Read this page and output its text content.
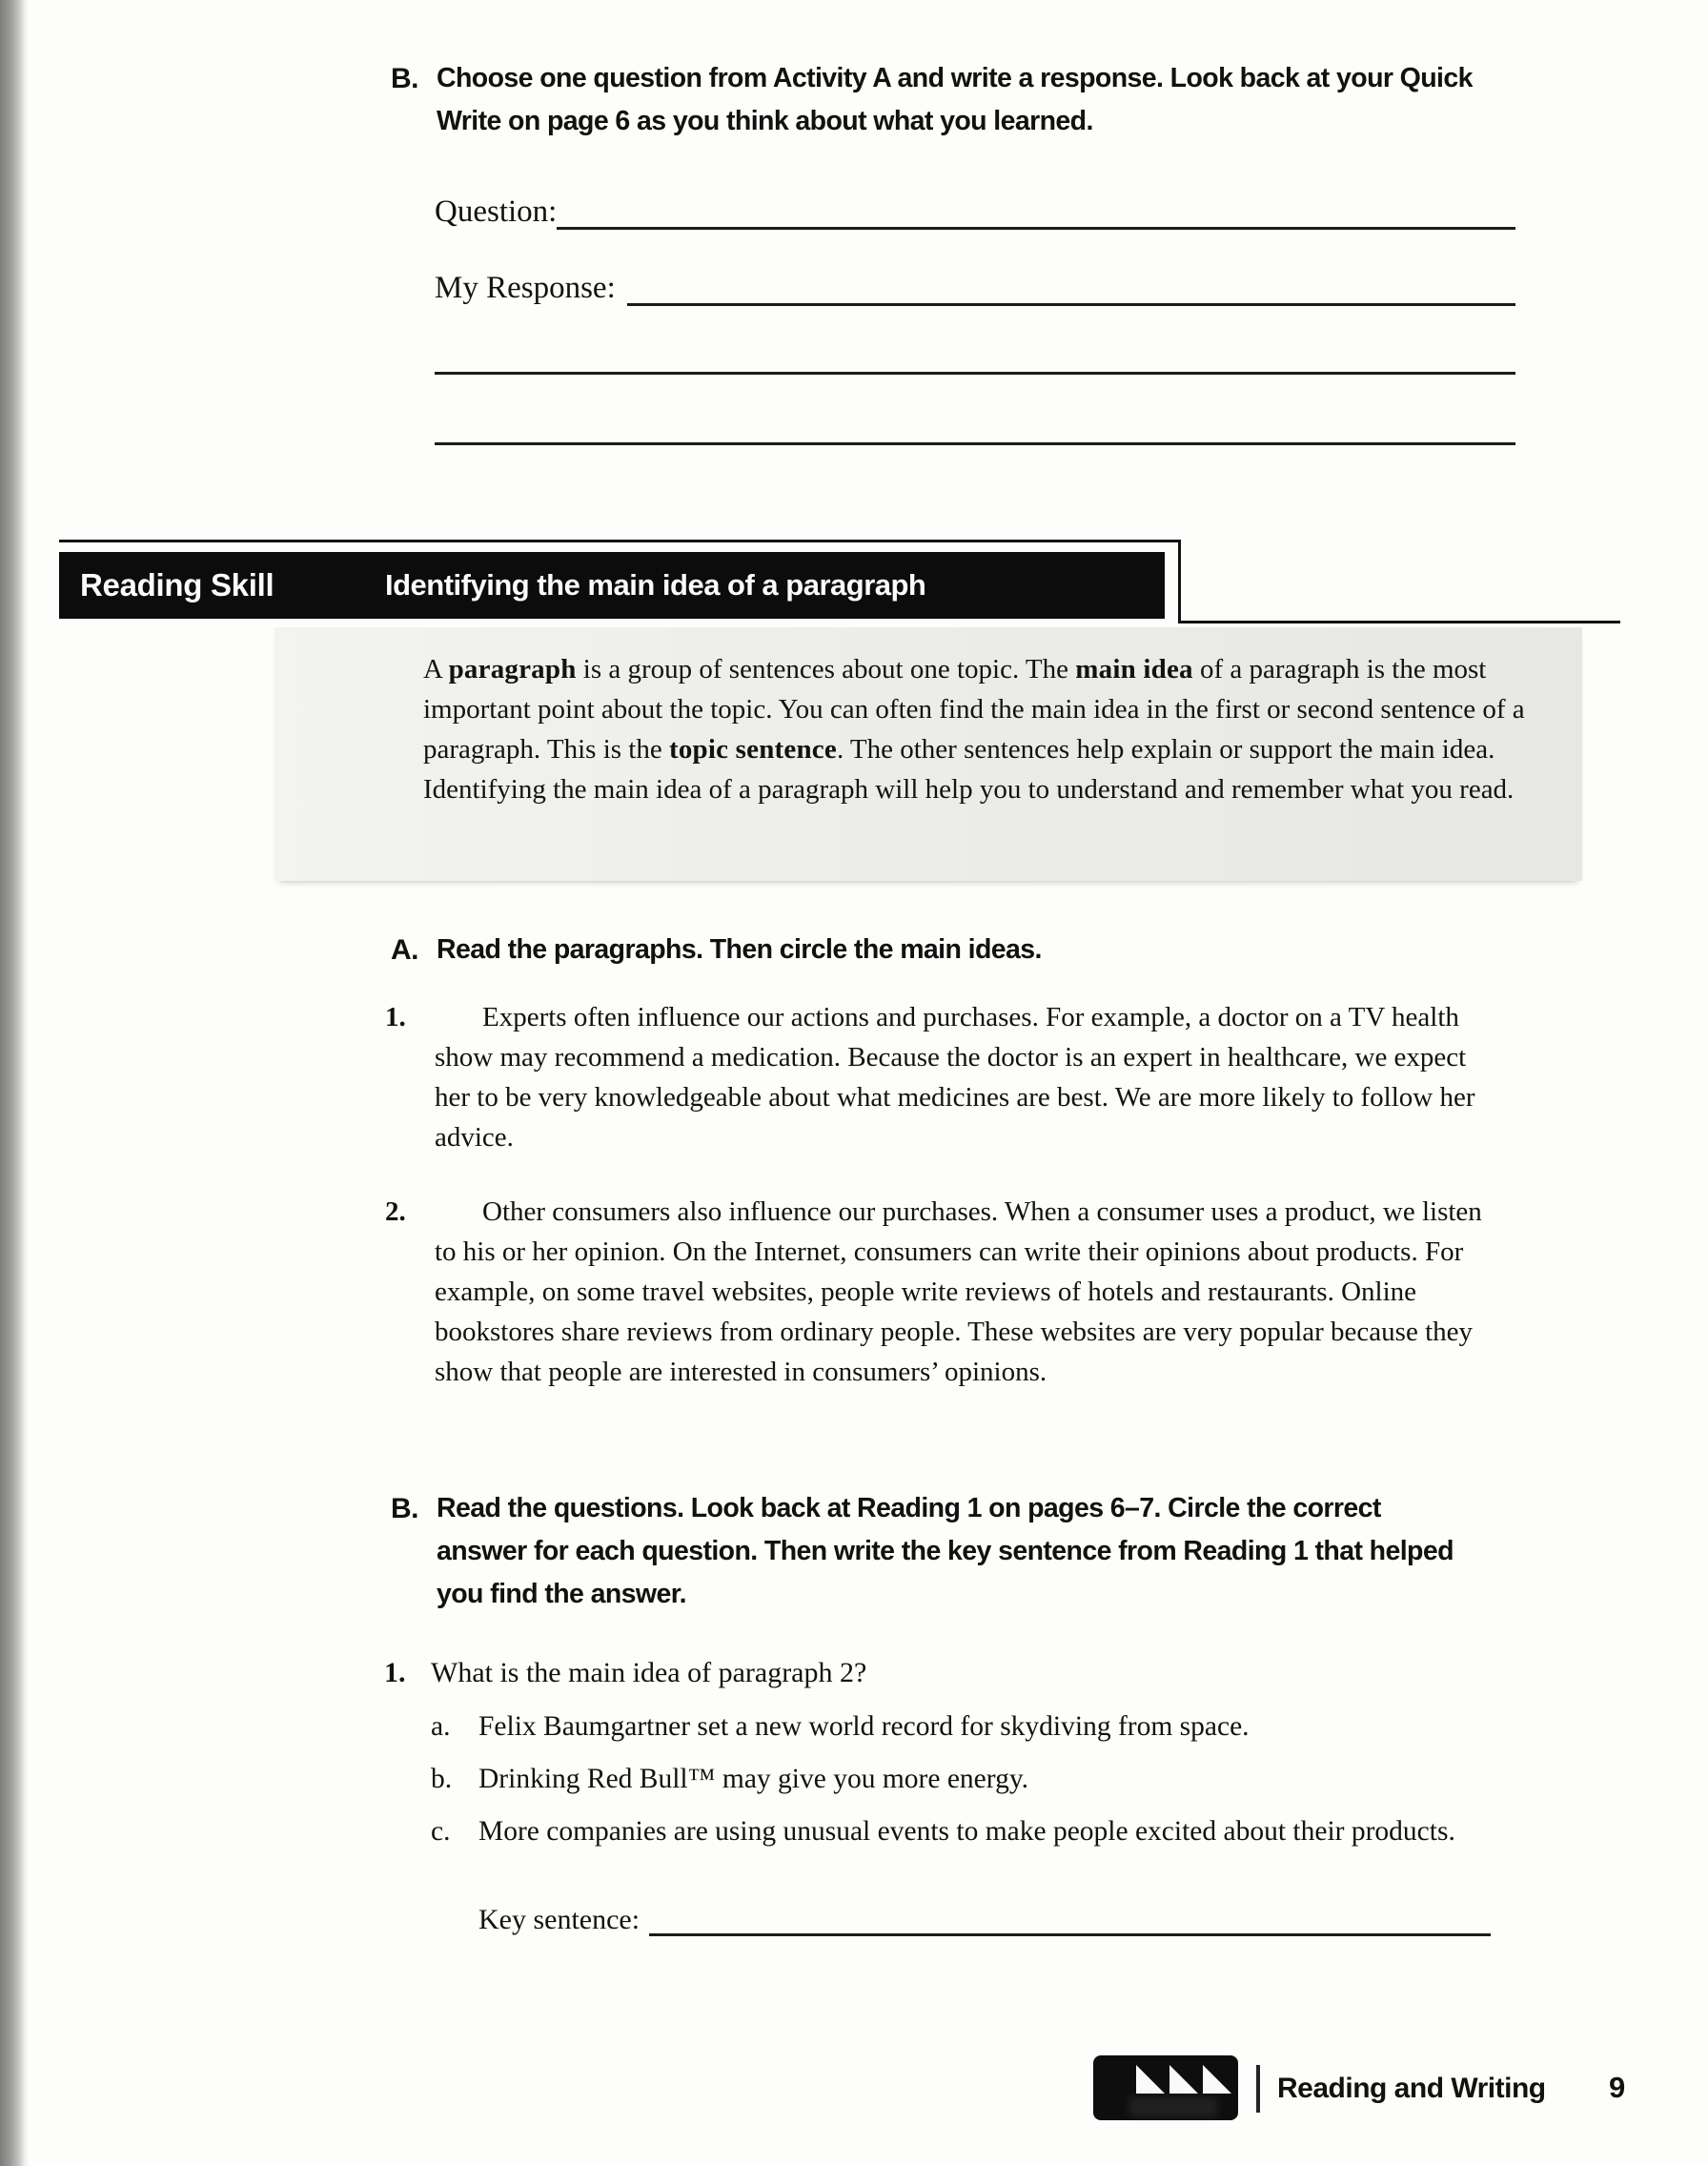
B. Choose one question from Activity A and write a response. Look back at your Quick Write on page 6 as you think about what you learned.
Question:
My Response:
Reading Skill	Identifying the main idea of a paragraph

A paragraph is a group of sentences about one topic. The main idea of a paragraph is the most important point about the topic. You can often find the main idea in the first or second sentence of a paragraph. This is the topic sentence. The other sentences help explain or support the main idea. Identifying the main idea of a paragraph will help you to understand and remember what you read.

A. Read the paragraphs. Then circle the main ideas.
1.	Experts often influence our actions and purchases. For example, a doctor on a TV health show may recommend a medication. Because the doctor is an expert in healthcare, we expect her to be very knowledgeable about what medicines are best. We are more likely to follow her advice.
2.	Other consumers also influence our purchases. When a consumer uses a product, we listen to his or her opinion. On the Internet, consumers can write their opinions about products. For example, on some travel websites, people write reviews of hotels and restaurants. Online bookstores share reviews from ordinary people. These websites are very popular because they show that people are interested in consumers’ opinions.
B. Read the questions. Look back at Reading 1 on pages 6–7. Circle the correct answer for each question. Then write the key sentence from Reading 1 that helped you find the answer.
1. What is the main idea of paragraph 2?
a.	Felix Baumgartner set a new world record for skydiving from space.
b. Drinking Red Bull™ may give you more energy.
c.	More companies are using unusual events to make people excited about their products.
Key sentence:
Reading and Writing 9
